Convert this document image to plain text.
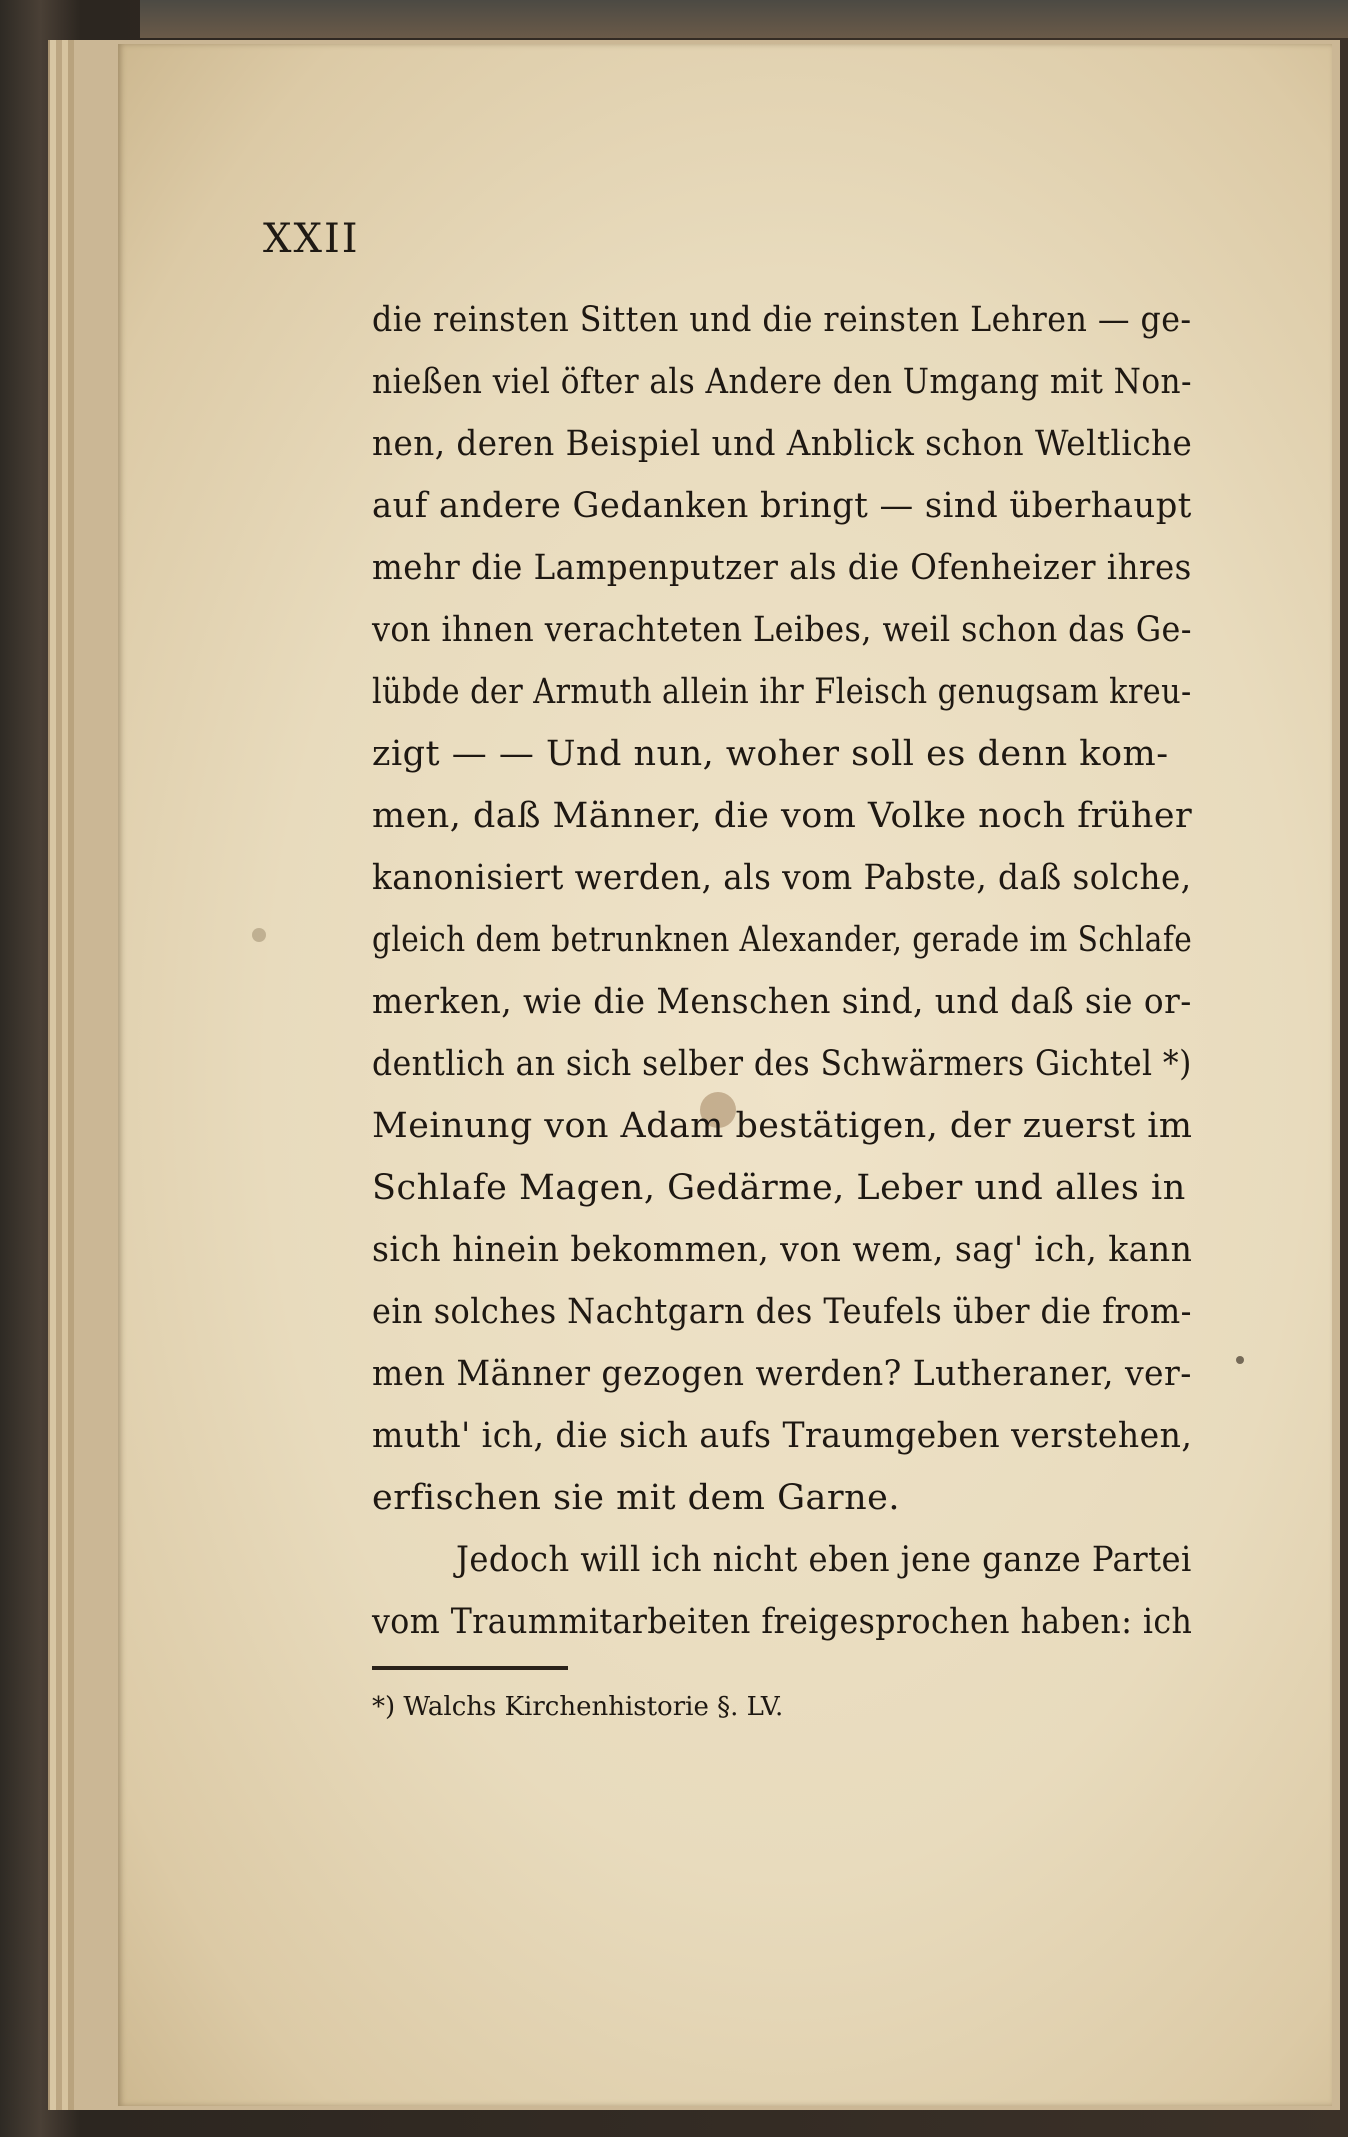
XXII
die reinsten Sitten und die reinsten Lehren — ge-
nießen viel öfter als Andere den Umgang mit Non-
nen, deren Beispiel und Anblick schon Weltliche
auf andere Gedanken bringt — sind überhaupt
mehr die Lampenputzer als die Ofenheizer ihres
von ihnen verachteten Leibes, weil schon das Ge-
lübde der Armuth allein ihr Fleisch genugsam kreu-
zigt — — Und nun, woher soll es denn kom-
men, daß Männer, die vom Volke noch früher
kanonisiert werden, als vom Pabste, daß solche,
gleich dem betrunknen Alexander, gerade im Schlafe
merken, wie die Menschen sind, und daß sie or-
dentlich an sich selber des Schwärmers Gichtel *)
Meinung von Adam bestätigen, der zuerst im
Schlafe Magen, Gedärme, Leber und alles in
sich hinein bekommen, von wem, sag' ich, kann
ein solches Nachtgarn des Teufels über die from-
men Männer gezogen werden? Lutheraner, ver-
muth' ich, die sich aufs Traumgeben verstehen,
erfischen sie mit dem Garne.
Jedoch will ich nicht eben jene ganze Partei
vom Traummitarbeiten freigesprochen haben: ich
*) Walchs Kirchenhistorie §. LV.
